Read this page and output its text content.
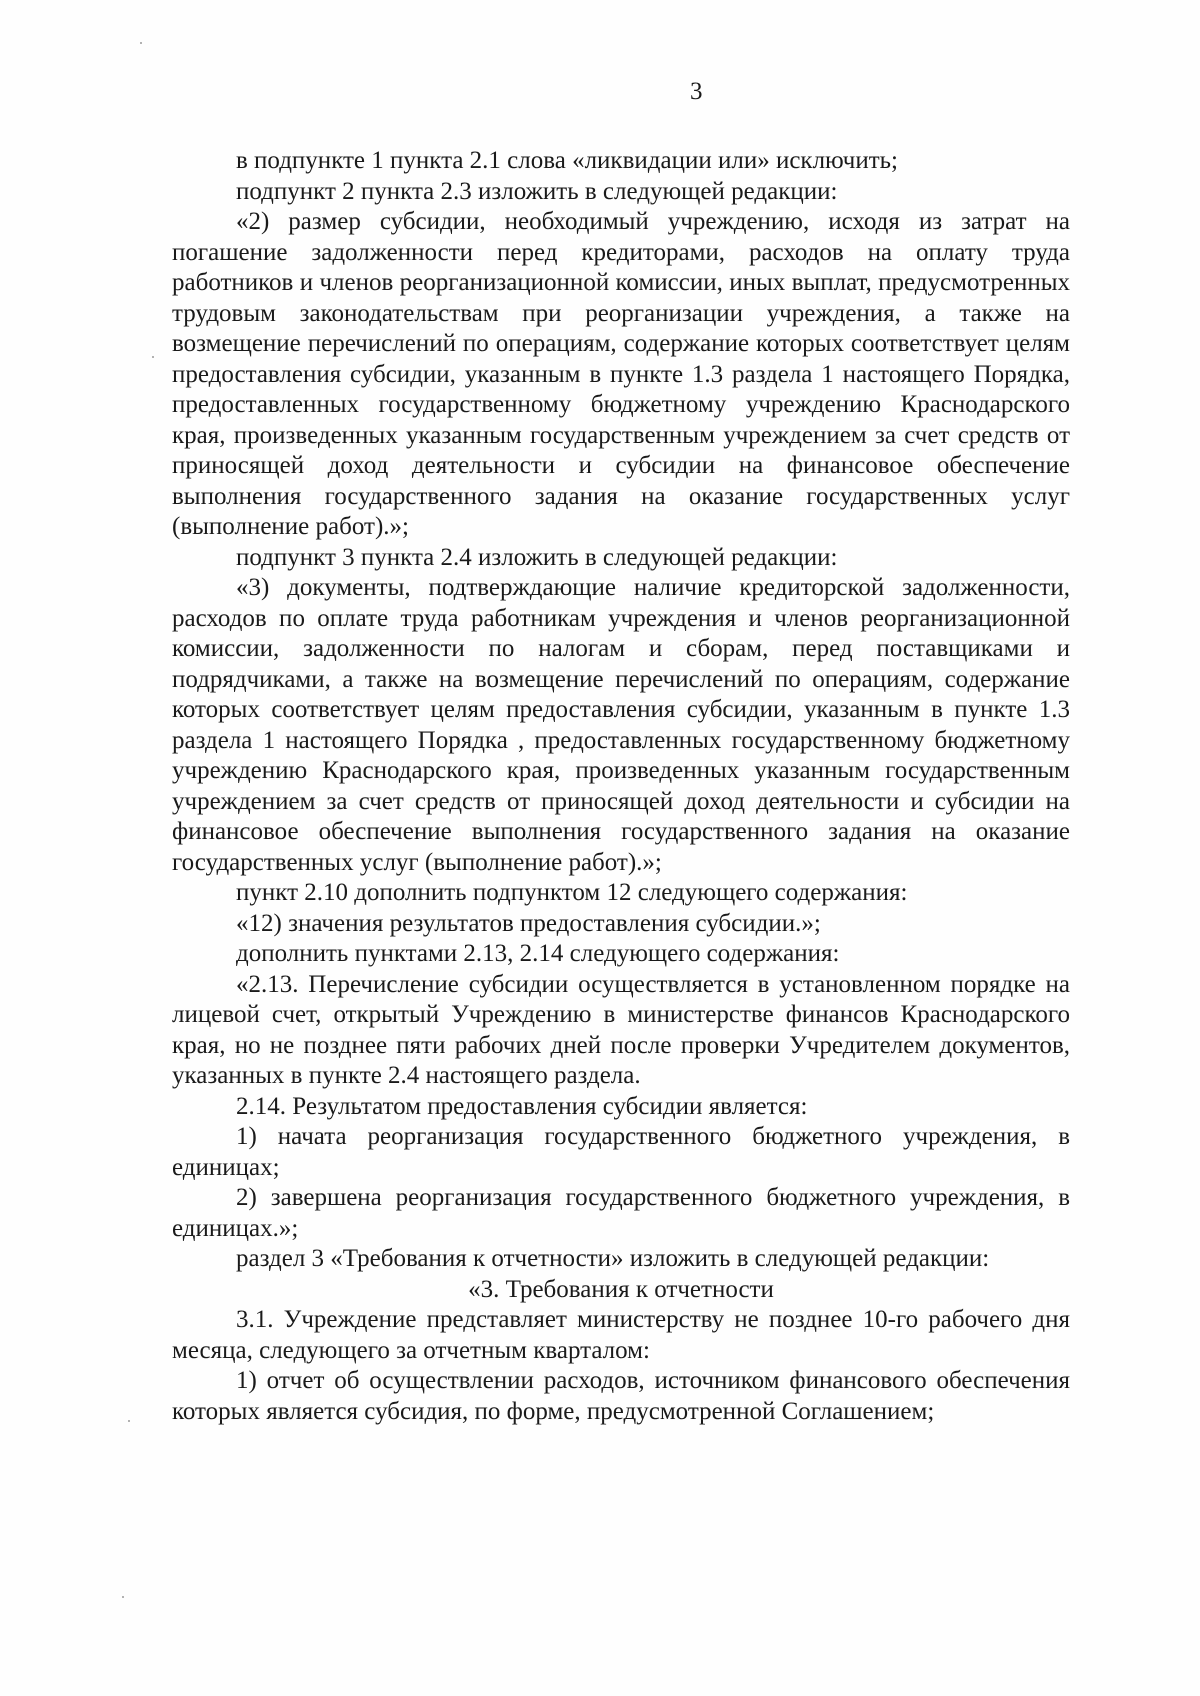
3

в подпункте 1 пункта 2.1 слова «ликвидации или» исключить;

подпункт 2 пункта 2.3 изложить в следующей редакции:

«2) размер субсидии, необходимый учреждению, исходя из затрат на погашение задолженности перед кредиторами, расходов на оплату труда работников и членов реорганизационной комиссии, иных выплат, предусмотренных трудовым законодательствам при реорганизации учреждения, а также на возмещение перечислений по операциям, содержание которых соответствует целям предоставления субсидии, указанным в пункте 1.3 раздела 1 настоящего Порядка, предоставленных государственному бюджетному учреждению Краснодарского края, произведенных указанным государственным учреждением за счет средств от приносящей доход деятельности и субсидии на финансовое обеспечение выполнения государственного задания на оказание государственных услуг (выполнение работ).»;

подпункт 3 пункта 2.4 изложить в следующей редакции:

«3) документы, подтверждающие наличие кредиторской задолженности, расходов по оплате труда работникам учреждения и членов реорганизационной комиссии, задолженности по налогам и сборам, перед поставщиками и подрядчиками, а также на возмещение перечислений по операциям, содержание которых соответствует целям предоставления субсидии, указанным в пункте 1.3 раздела 1 настоящего Порядка , предоставленных государственному бюджетному учреждению Краснодарского края, произведенных указанным государственным учреждением за счет средств от приносящей доход деятельности и субсидии на финансовое обеспечение выполнения государственного задания на оказание государственных услуг (выполнение работ).»;

пункт 2.10 дополнить подпунктом 12 следующего содержания:

«12) значения результатов предоставления субсидии.»;

дополнить пунктами 2.13, 2.14 следующего содержания:

«2.13. Перечисление субсидии осуществляется в установленном порядке на лицевой счет, открытый Учреждению в министерстве финансов Краснодарского края, но не позднее пяти рабочих дней после проверки Учредителем документов, указанных в пункте 2.4 настоящего раздела.

2.14. Результатом предоставления субсидии является:

1) начата реорганизация государственного бюджетного учреждения, в единицах;

2) завершена реорганизация государственного бюджетного учреждения, в единицах.»;

раздел 3 «Требования к отчетности» изложить в следующей редакции:

«3. Требования к отчетности

3.1. Учреждение представляет министерству не позднее 10-го рабочего дня месяца, следующего за отчетным кварталом:

1) отчет об осуществлении расходов, источником финансового обеспечения которых является субсидия, по форме, предусмотренной Соглашением;
